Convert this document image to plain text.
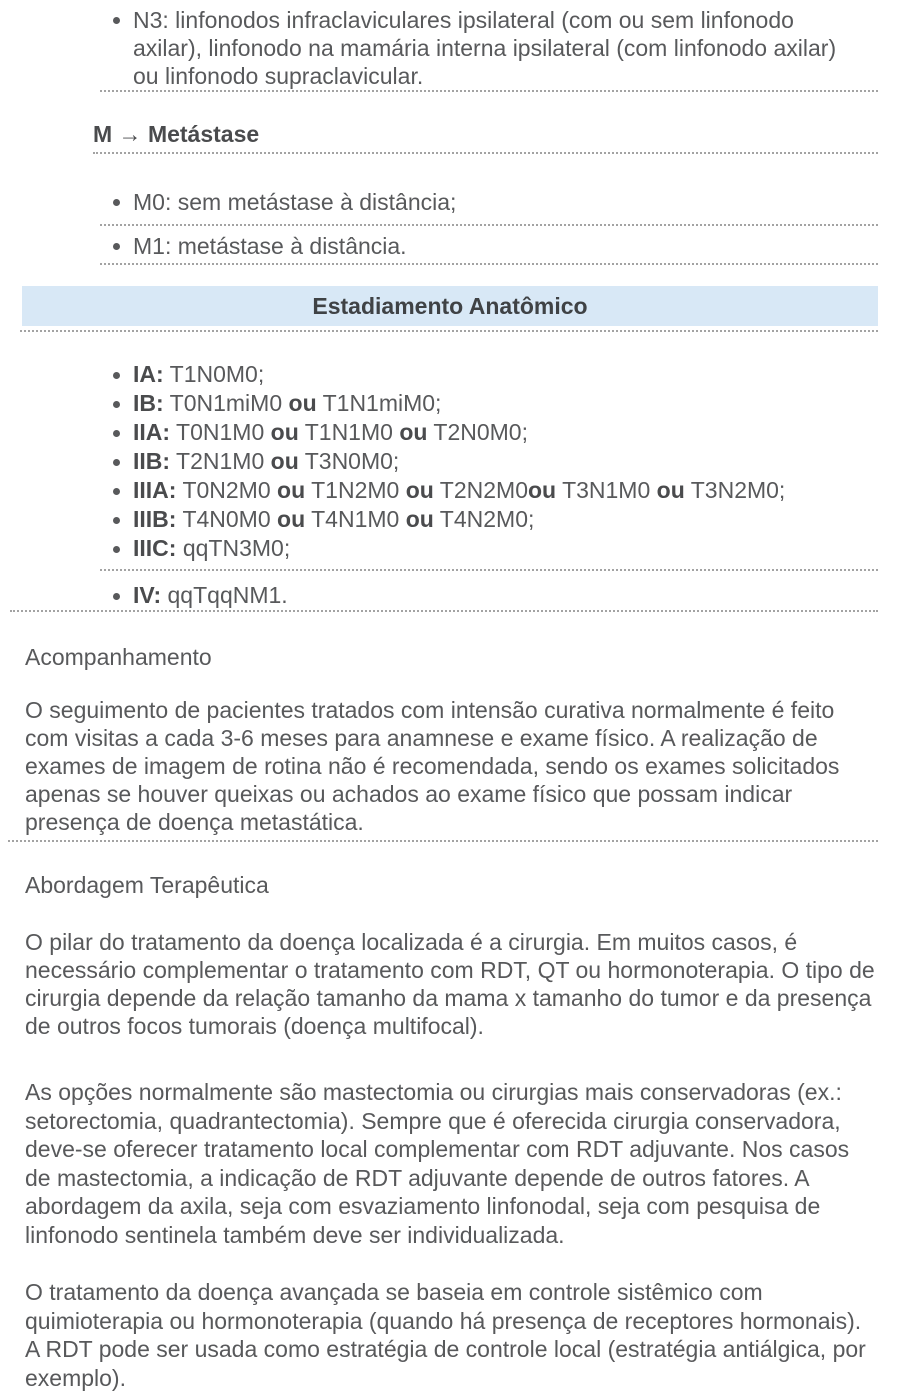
N3: linfonodos infraclaviculares ipsilateral (com ou sem linfonodo axilar), linfonodo na mamária interna ipsilateral (com linfonodo axilar) ou linfonodo supraclavicular.
M → Metástase
M0: sem metástase à distância;
M1: metástase à distância.
Estadiamento Anatômico
IA: T1N0M0;
IB: T0N1miM0 ou T1N1miM0;
IIA: T0N1M0 ou T1N1M0 ou T2N0M0;
IIB: T2N1M0 ou T3N0M0;
IIIA: T0N2M0 ou T1N2M0 ou T2N2M0ou T3N1M0 ou T3N2M0;
IIIB: T4N0M0 ou T4N1M0 ou T4N2M0;
IIIC: qqTN3M0;
IV: qqTqqNM1.
Acompanhamento
O seguimento de pacientes tratados com intensão curativa normalmente é feito com visitas a cada 3-6 meses para anamnese e exame físico. A realização de exames de imagem de rotina não é recomendada, sendo os exames solicitados apenas se houver queixas ou achados ao exame físico que possam indicar presença de doença metastática.
Abordagem Terapêutica
O pilar do tratamento da doença localizada é a cirurgia. Em muitos casos, é necessário complementar o tratamento com RDT, QT ou hormonoterapia. O tipo de cirurgia depende da relação tamanho da mama x tamanho do tumor e da presença de outros focos tumorais (doença multifocal).
As opções normalmente são mastectomia ou cirurgias mais conservadoras (ex.: setorectomia, quadrantectomia). Sempre que é oferecida cirurgia conservadora, deve-se oferecer tratamento local complementar com RDT adjuvante. Nos casos de mastectomia, a indicação de RDT adjuvante depende de outros fatores. A abordagem da axila, seja com esvaziamento linfonodal, seja com pesquisa de linfonodo sentinela também deve ser individualizada.
O tratamento da doença avançada se baseia em controle sistêmico com quimioterapia ou hormonoterapia (quando há presença de receptores hormonais). A RDT pode ser usada como estratégia de controle local (estratégia antiálgica, por exemplo).
